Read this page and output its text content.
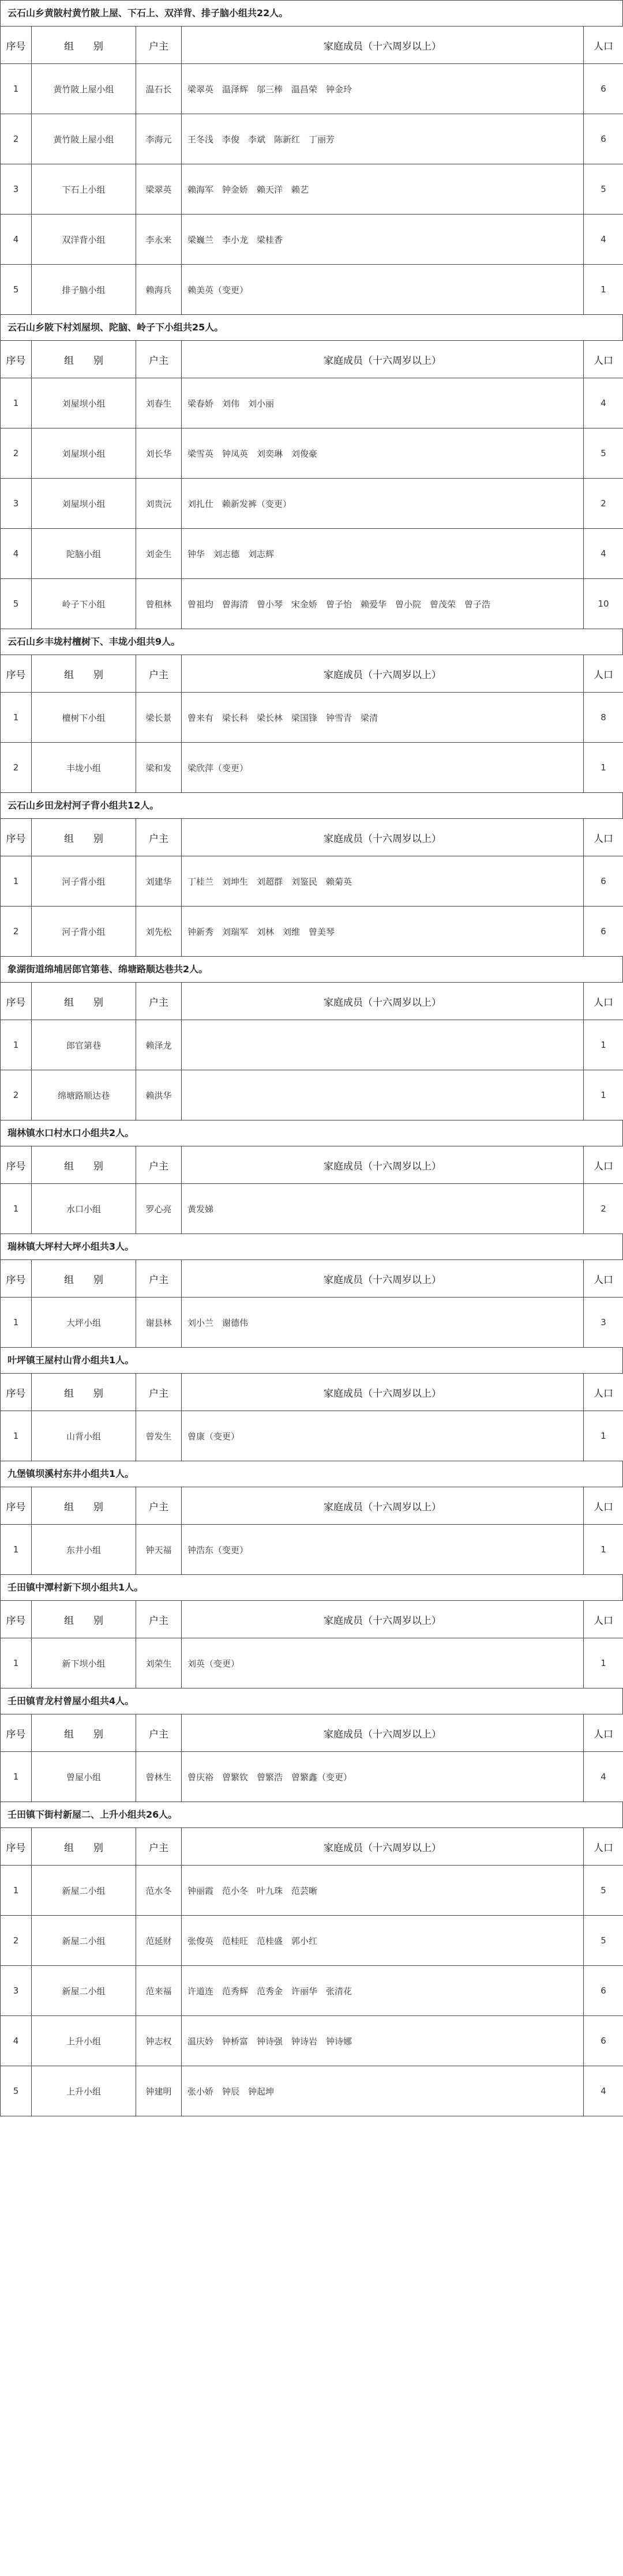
云石山乡黄陂村黄竹陂上屋、下石上、双洋背、排子脑小组共22人。
序号	组　　别	户主	家庭成员（十六周岁以上）	人口
1	黄竹陂上屋小组	温石长	梁翠英　温泽辉　邬三棒　温昌荣　钟金玲	6
2	黄竹陂上屋小组	李海元	王冬浅　李俊　李斌　陈新红　丁丽芳	6
3	下石上小组	梁翠英	赖海军　钟金娇　赖天洋　赖艺	5
4	双洋背小组	李永来	梁巍兰　李小龙　梁桂香	4
5	排子脑小组	赖海兵	赖美英（变更）	1
云石山乡陂下村刘屋坝、陀脑、岭子下小组共25人。
序号	组　　别	户主	家庭成员（十六周岁以上）	人口
1	刘屋坝小组	刘春生	梁春娇　刘伟　刘小丽	4
2	刘屋坝小组	刘长华	梁雪英　钟凤英　刘奕琳　刘俊豪	5
3	刘屋坝小组	刘贵沅	刘扎仕　赖新发裤（变更）	2
4	陀脑小组	刘金生	钟华　刘志德　刘志辉	4
5	岭子下小组	曾租林	曾祖均　曾海清　曾小琴　宋金娇　曾子怡　赖爱华　曾小院　曾茂荣　曾子浩	10
云石山乡丰垅村檀树下、丰垅小组共9人。
序号	组　　别	户主	家庭成员（十六周岁以上）	人口
1	檀树下小组	梁长景	曾来有　梁长科　梁长林　梁国锋　钟雪青　梁清	8
2	丰垅小组	梁和发	梁欣萍（变更）	1
云石山乡田龙村河子背小组共12人。
序号	组　　别	户主	家庭成员（十六周岁以上）	人口
1	河子背小组	刘建华	丁桂兰　刘坤生　刘超群　刘鉴民　赖菊英	6
2	河子背小组	刘先松	钟新秀　刘瑞军　刘林　刘维　曾美琴	6
象湖街道绵埔居郎官第巷、绵塘路顺达巷共2人。
序号	组　　别	户主	家庭成员（十六周岁以上）	人口
1	郎官第巷	赖泽龙		1
2	绵塘路顺达巷	赖洪华		1
瑞林镇水口村水口小组共2人。
序号	组　　别	户主	家庭成员（十六周岁以上）	人口
1	水口小组	罗心亮	黄发娣	2
瑞林镇大坪村大坪小组共3人。
序号	组　　别	户主	家庭成员（十六周岁以上）	人口
1	大坪小组	谢县林	刘小兰　谢德伟	3
叶坪镇王屋村山背小组共1人。
序号	组　　别	户主	家庭成员（十六周岁以上）	人口
1	山背小组	曾发生	曾康（变更）	1
九堡镇坝溪村东井小组共1人。
序号	组　　别	户主	家庭成员（十六周岁以上）	人口
1	东井小组	钟天福	钟浩东（变更）	1
壬田镇中潭村新下坝小组共1人。
序号	组　　别	户主	家庭成员（十六周岁以上）	人口
1	新下坝小组	刘荣生	刘英（变更）	1
壬田镇青龙村曾屋小组共4人。
序号	组　　别	户主	家庭成员（十六周岁以上）	人口
1	曾屋小组	曾林生	曾庆裕　曾繁钦　曾繁浩　曾繁鑫（变更）	4
壬田镇下街村新屋二、上升小组共26人。
序号	组　　别	户主	家庭成员（十六周岁以上）	人口
1	新屋二小组	范水冬	钟丽霞　范小冬　叶九珠　范芸晰	5
2	新屋二小组	范延财	张俊英　范桂旺　范桂盛　郭小红	5
3	新屋二小组	范来福	许道连　范秀辉　范秀金　许丽华　张清花	6
4	上升小组	钟志权	温庆妗　钟桥富　钟诗强　钟诗岩　钟诗娜	6
5	上升小组	钟建明	张小娇　钟辰　钟起坤	4
